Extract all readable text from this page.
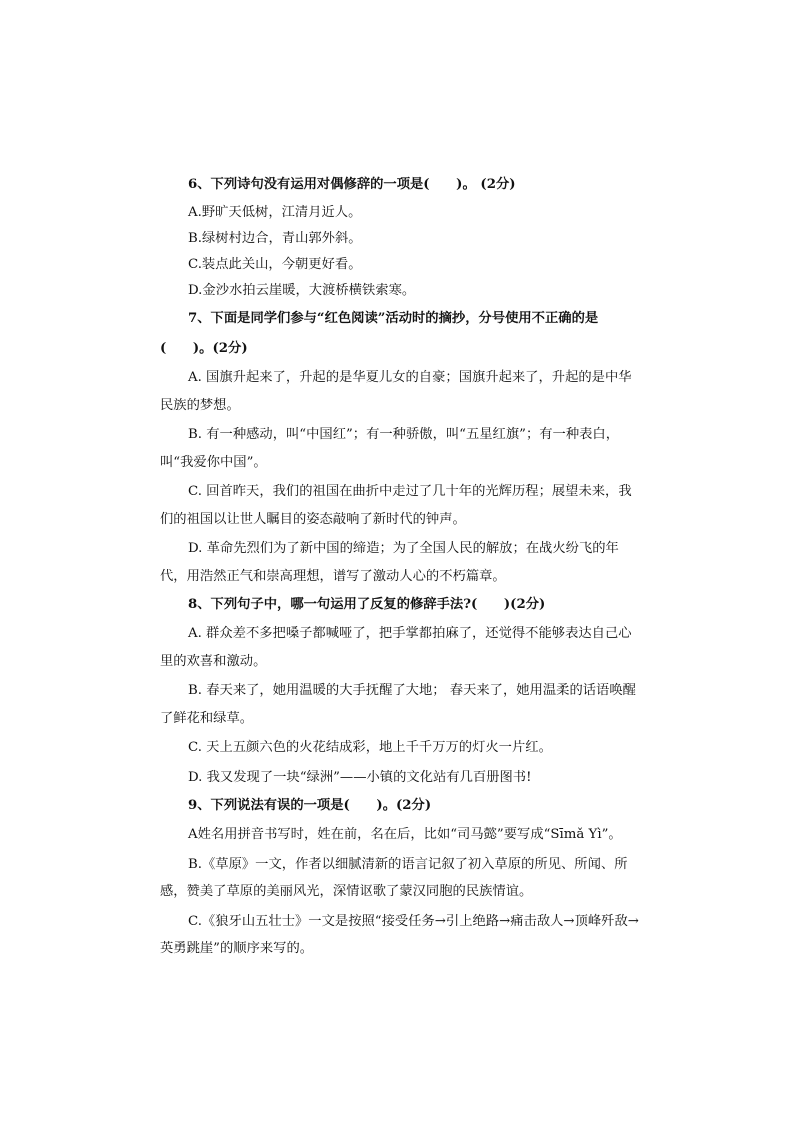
6、下列诗句没有运用对偶修辞的一项是(　　)。 (2分)
A.野旷天低树，江清月近人。
B.绿树村边合，青山郭外斜。
C.装点此关山，今朝更好看。
D.金沙水拍云崖暖，大渡桥横铁索寒。
7、下面是同学们参与“红色阅读”活动时的摘抄，分号使用不正确的是
(　　)。(2分)
A. 国旗升起来了，升起的是华夏儿女的自豪；国旗升起来了，升起的是中华民族的梦想。
B. 有一种感动，叫“中国红”；有一种骄傲，叫“五星红旗”；有一种表白，叫“我爱你中国”。
C. 回首昨天，我们的祖国在曲折中走过了几十年的光辉历程；展望未来，我们的祖国以让世人瞩目的姿态敲响了新时代的钟声。
D. 革命先烈们为了新中国的缔造；为了全国人民的解放；在战火纷飞的年代，用浩然正气和崇高理想，谱写了激动人心的不朽篇章。
8、下列句子中，哪一句运用了反复的修辞手法?(　　)(2分)
A. 群众差不多把嗓子都喊哑了，把手掌都拍麻了，还觉得不能够表达自己心里的欢喜和激动。
B. 春天来了，她用温暖的大手抚醒了大地； 春天来了，她用温柔的话语唤醒了鲜花和绿草。
C. 天上五颜六色的火花结成彩，地上千千万万的灯火一片红。
D. 我又发现了一块“绿洲”——小镇的文化站有几百册图书!
9、下列说法有误的一项是(　　)。(2分)
A姓名用拼音书写时，姓在前，名在后，比如“司马懿”要写成“Sīmǎ Yì”。
B.《草原》一文，作者以细腻清新的语言记叙了初入草原的所见、所闻、所感，赞美了草原的美丽风光，深情讴歌了蒙汉同胞的民族情谊。
C.《狼牙山五壮士》一文是按照“接受任务→引上绝路→痛击敌人→顶峰歼敌→英勇跳崖”的顺序来写的。
